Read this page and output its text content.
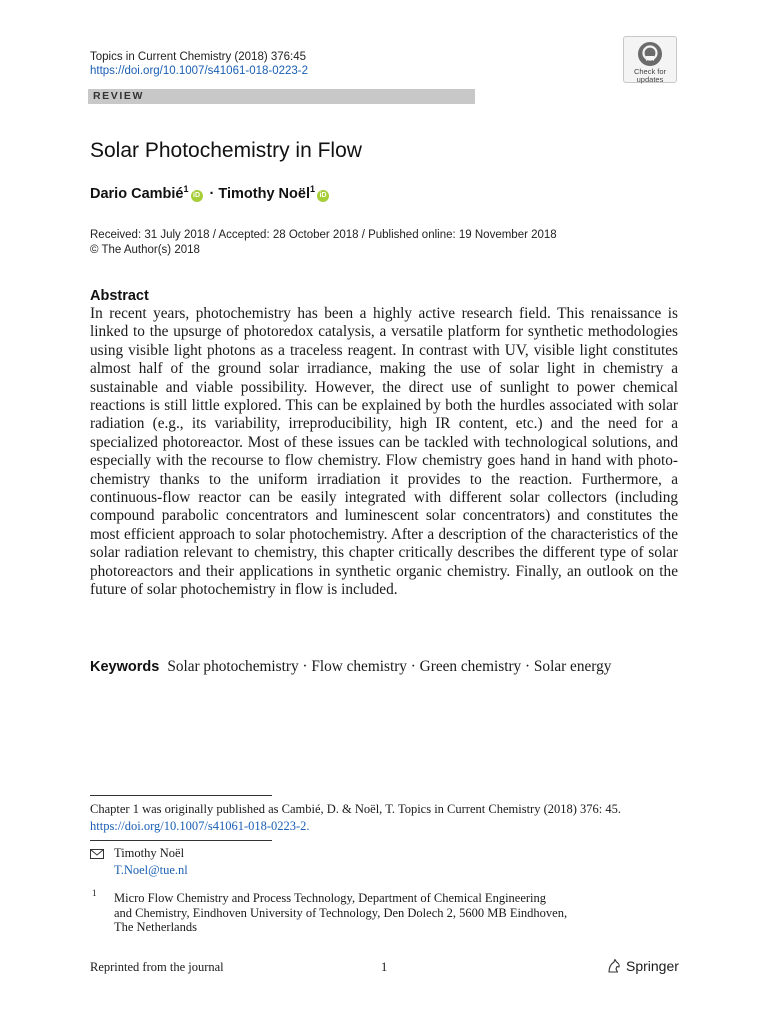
Topics in Current Chemistry (2018) 376:45
https://doi.org/10.1007/s41061-018-0223-2	Check for
updates
REVIEW
Solar Photochemistry in Flow
Dario Cambié$^1$iD · Timothy Noël$^1$iD
Received: 31 July 2018 / Accepted: 28 October 2018 / Published online: 19 November 2018
© The Author(s) 2018
Abstract
In recent years, photochemistry has been a highly active research field. This renaissance is linked to the upsurge of photoredox catalysis, a versatile platform for synthetic methodologies using visible light photons as a traceless reagent. In contrast with UV, visible light constitutes almost half of the ground solar irradiance, making the use of solar light in chemistry a sustainable and viable possibility. However, the direct use of sunlight to power chemical reactions is still little explored. This can be explained by both the hurdles associated with solar radiation (e.g., its variability, irreproducibility, high IR content, etc.) and the need for a specialized photoreactor. Most of these issues can be tackled with technological solutions, and especially with the recourse to flow chemistry. Flow chemistry goes hand in hand with photochemistry thanks to the uniform irradiation it provides to the reaction. Furthermore, a continuous-flow reactor can be easily integrated with different solar collectors (including compound parabolic concentrators and luminescent solar concentrators) and constitutes the most efficient approach to solar photochemistry. After a description of the characteristics of the solar radiation relevant to chemistry, this chapter critically describes the different type of solar photoreactors and their applications in synthetic organic chemistry. Finally, an outlook on the future of solar photochemistry in flow is included.
Keywords Solar photochemistry · Flow chemistry · Green chemistry · Solar energy
Chapter 1 was originally published as Cambié, D. & Noël, T. Topics in Current Chemistry (2018) 376: 45.
https://doi.org/10.1007/s41061-018-0223-2.
Timothy Noël
T.Noel@tue.nl
1 Micro Flow Chemistry and Process Technology, Department of Chemical Engineering
and Chemistry, Eindhoven University of Technology, Den Dolech 2, 5600 MB Eindhoven,
The Netherlands
Reprinted from the journal	1	Springer
